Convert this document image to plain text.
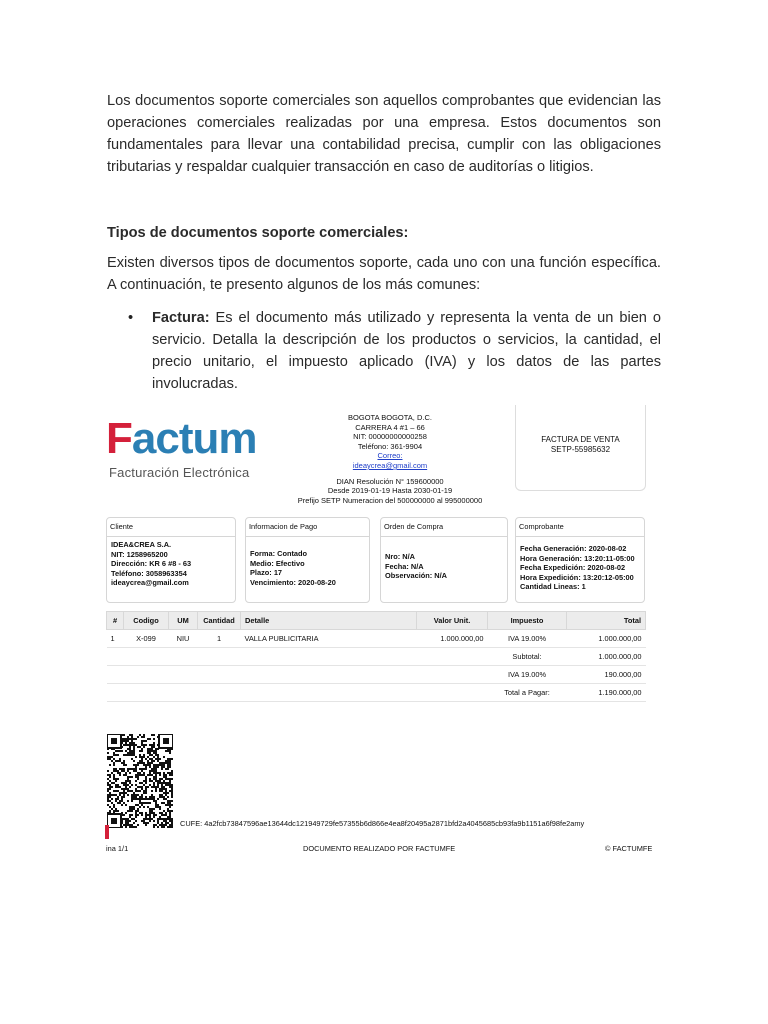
Los documentos soporte comerciales son aquellos comprobantes que evidencian las operaciones comerciales realizadas por una empresa. Estos documentos son fundamentales para llevar una contabilidad precisa, cumplir con las obligaciones tributarias y respaldar cualquier transacción en caso de auditorías o litigios.
Tipos de documentos soporte comerciales:
Existen diversos tipos de documentos soporte, cada uno con una función específica. A continuación, te presento algunos de los más comunes:
• Factura: Es el documento más utilizado y representa la venta de un bien o servicio. Detalla la descripción de los productos o servicios, la cantidad, el precio unitario, el impuesto aplicado (IVA) y los datos de las partes involucradas.
Factum
Facturación Electrónica
BOGOTA BOGOTA, D.C.
CARRERA 4 #1 – 66
NIT: 00000000000258
Teléfono: 361-9904
Correo:
ideaycrea@gmail.com
DIAN Resolución N° 159600000
Desde 2019-01-19 Hasta 2030-01-19
Prefijo SETP Numeracion del 500000000 al 995000000
FACTURA DE VENTA
SETP-55985632
Cliente
IDEA&CREA S.A.
NIT: 1258965200
Dirección: KR 6 #8 - 63
Teléfono: 3058963354
ideaycrea@gmail.com
Informacion de Pago
Forma: Contado
Medio: Efectivo
Plazo: 17
Vencimiento: 2020-08-20
Orden de Compra
Nro: N/A
Fecha: N/A
Observación: N/A
Comprobante
Fecha Generación: 2020-08-02
Hora Generación: 13:20:11-05:00
Fecha Expedición: 2020-08-02
Hora Expedición: 13:20:12-05:00
Cantidad Lineas: 1
#	Codigo	UM	Cantidad	Detalle	Valor Unit.	Impuesto	Total
1	X-099	NIU	1	VALLA PUBLICITARIA	1.000.000,00	IVA 19.00%	1.000.000,00
						Subtotal:	1.000.000,00
						IVA 19.00%	190.000,00
						Total a Pagar:	1.190.000,00
CUFE: 4a2fcb73847596ae13644dc121949729fe57355b6d866e4ea8f20495a2871bfd2a4045685cb93fa9b1151a6f98fe2amy
ina 1/1	DOCUMENTO REALIZADO POR FACTUMFE	© FACTUMFE
